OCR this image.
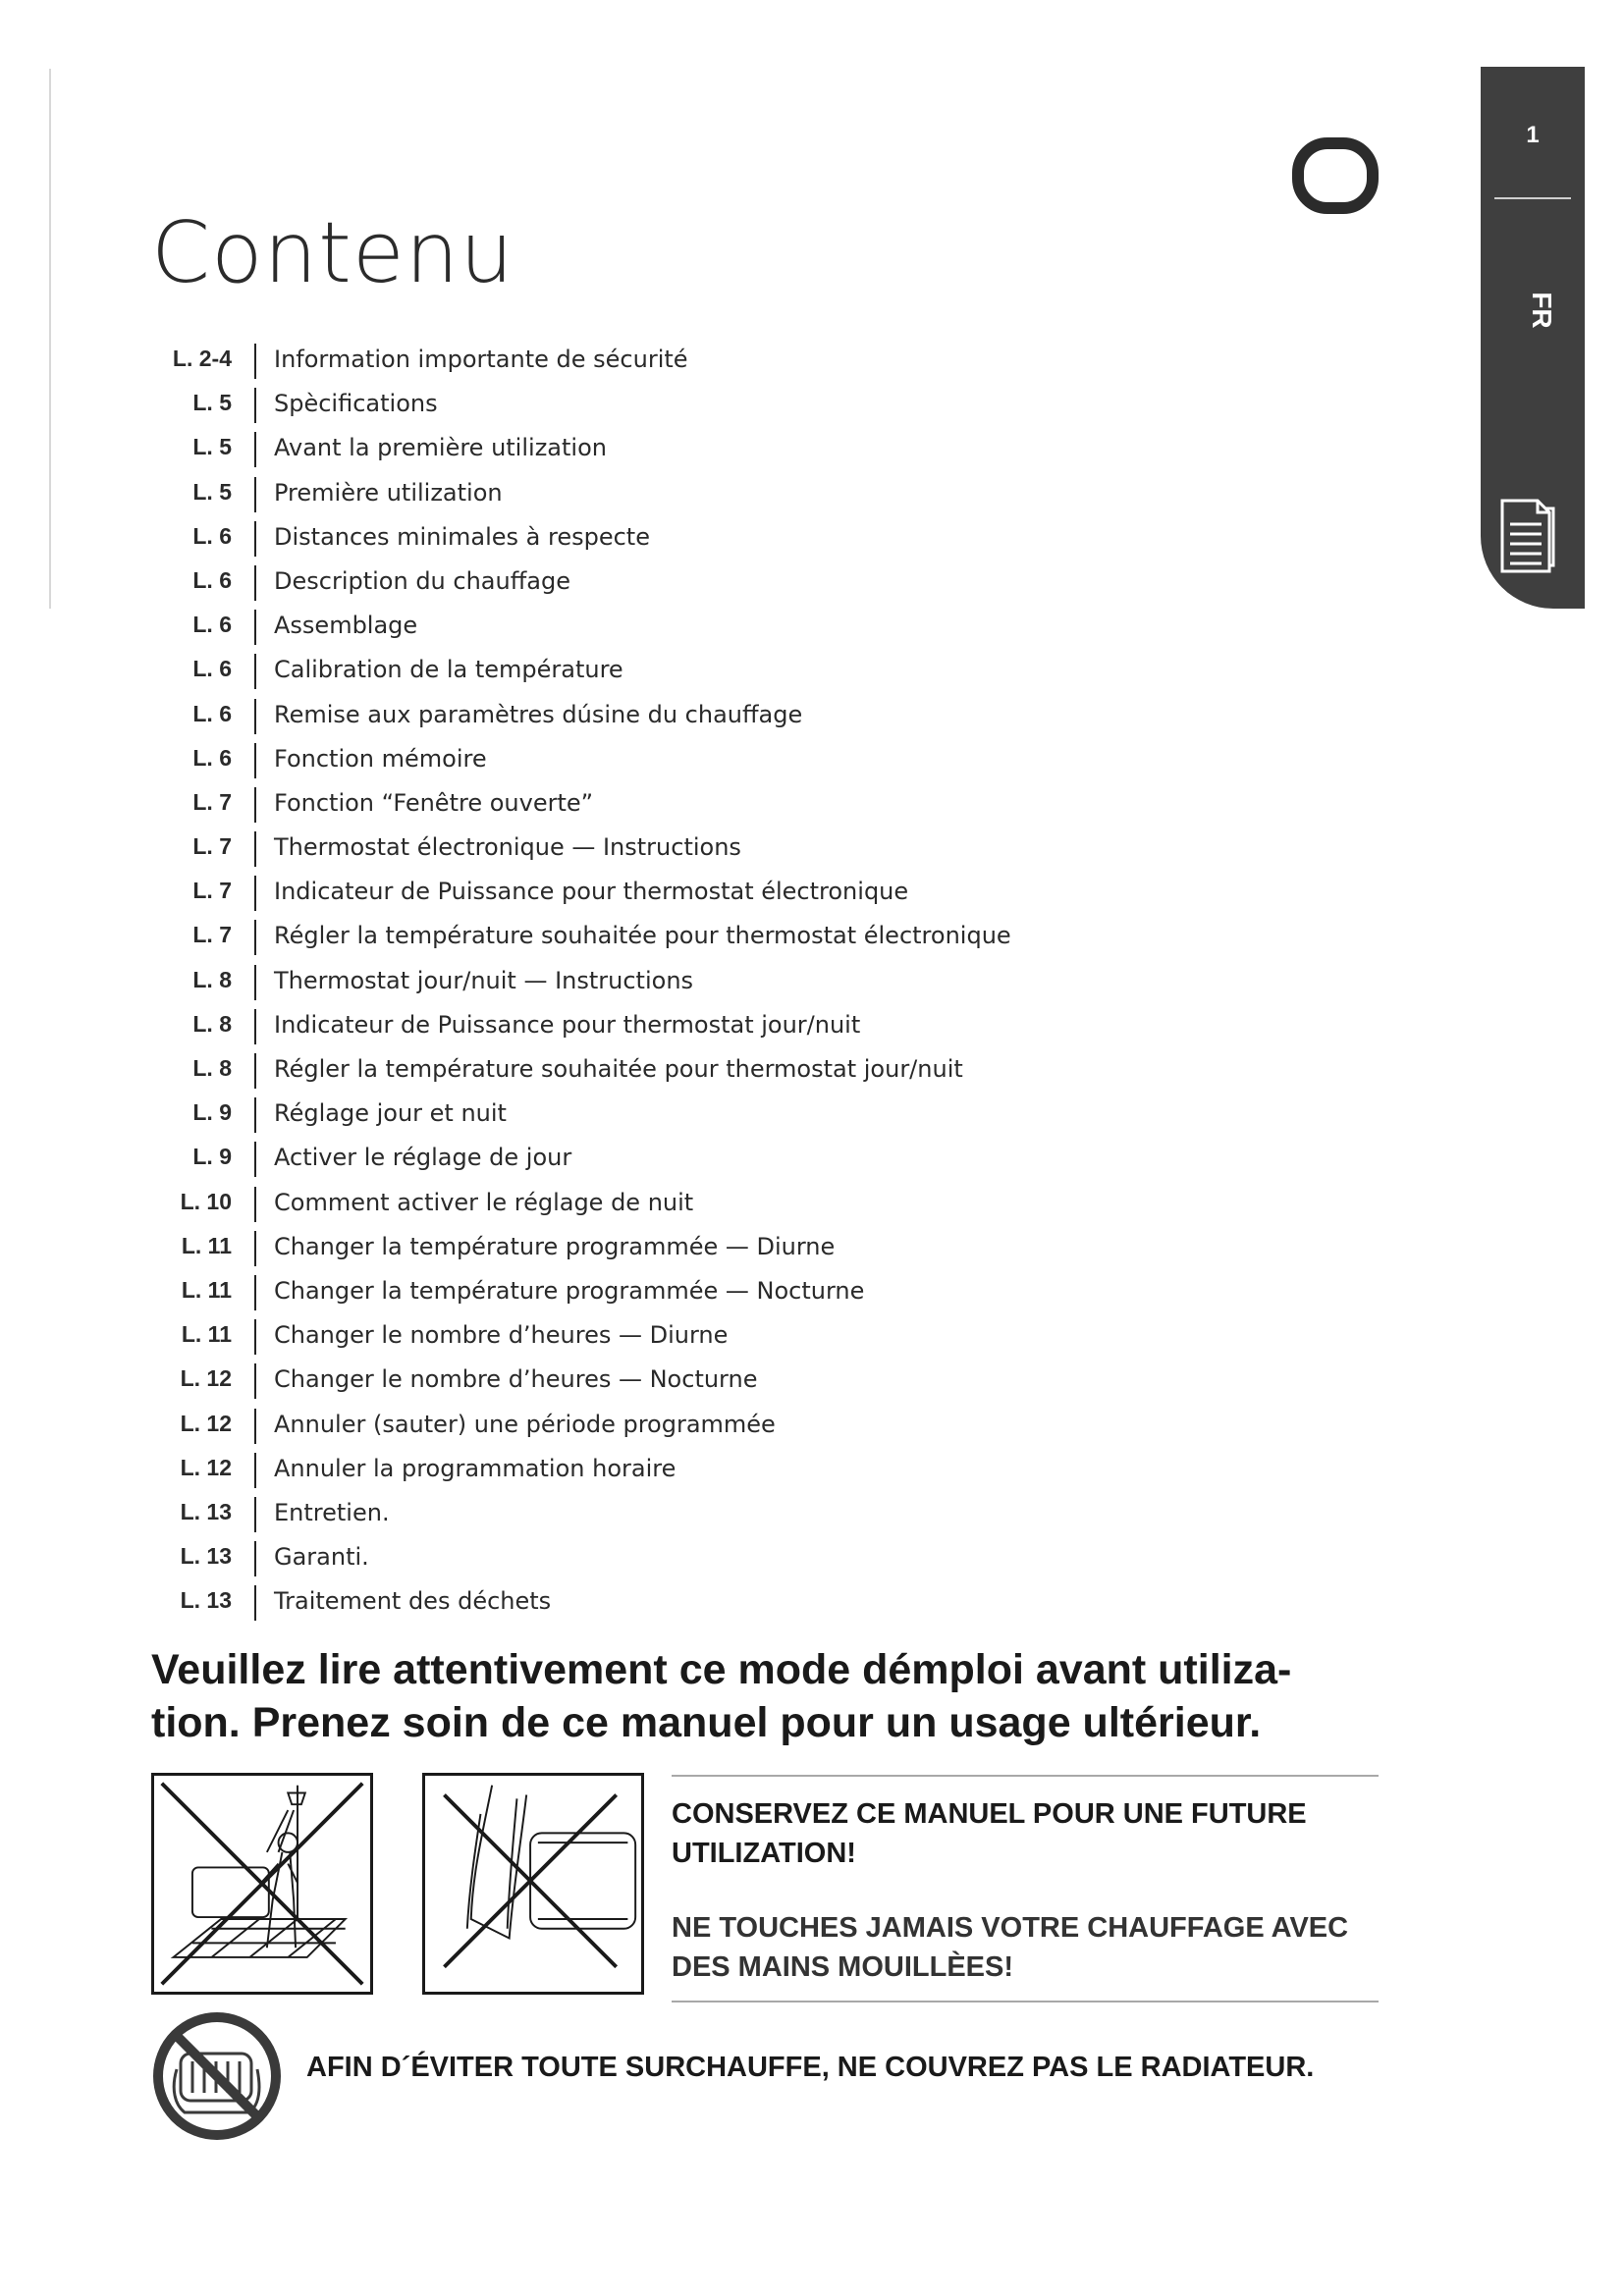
Contenu
1
FR
L. 2-4 Information importante de sécurité
L. 5 Spècifications
L. 5 Avant la première utilization
L. 5 Première utilization
L. 6 Distances minimales à respecte
L. 6 Description du chauffage
L. 6 Assemblage
L. 6 Calibration de la température
L. 6 Remise aux paramètres dúsine du chauffage
L. 6 Fonction mémoire
L. 7 Fonction “Fenêtre ouverte”
L. 7 Thermostat électronique — Instructions
L. 7 Indicateur de Puissance pour thermostat électronique
L. 7 Régler la température souhaitée pour thermostat électronique
L. 8 Thermostat jour/nuit — Instructions
L. 8 Indicateur de Puissance pour thermostat jour/nuit
L. 8 Régler la température souhaitée pour thermostat jour/nuit
L. 9 Réglage jour et nuit
L. 9 Activer le réglage de jour
L. 10 Comment activer le réglage de nuit
L. 11 Changer la température programmée — Diurne
L. 11 Changer la température programmée — Nocturne
L. 11 Changer le nombre d’heures — Diurne
L. 12 Changer le nombre d’heures — Nocturne
L. 12 Annuler (sauter) une période programmée
L. 12 Annuler la programmation horaire
L. 13 Entretien.
L. 13 Garanti.
L. 13 Traitement des déchets

Veuillez lire attentivement ce mode démploi avant utiliza-tion. Prenez soin de ce manuel pour un usage ultérieur.

CONSERVEZ CE MANUEL POUR UNE FUTURE UTILIZATION!
NE TOUCHES JAMAIS VOTRE CHAUFFAGE AVEC DES MAINS MOUILLÈES!
AFIN D´ÉVITER TOUTE SURCHAUFFE, NE COUVREZ PAS LE RADIATEUR.
